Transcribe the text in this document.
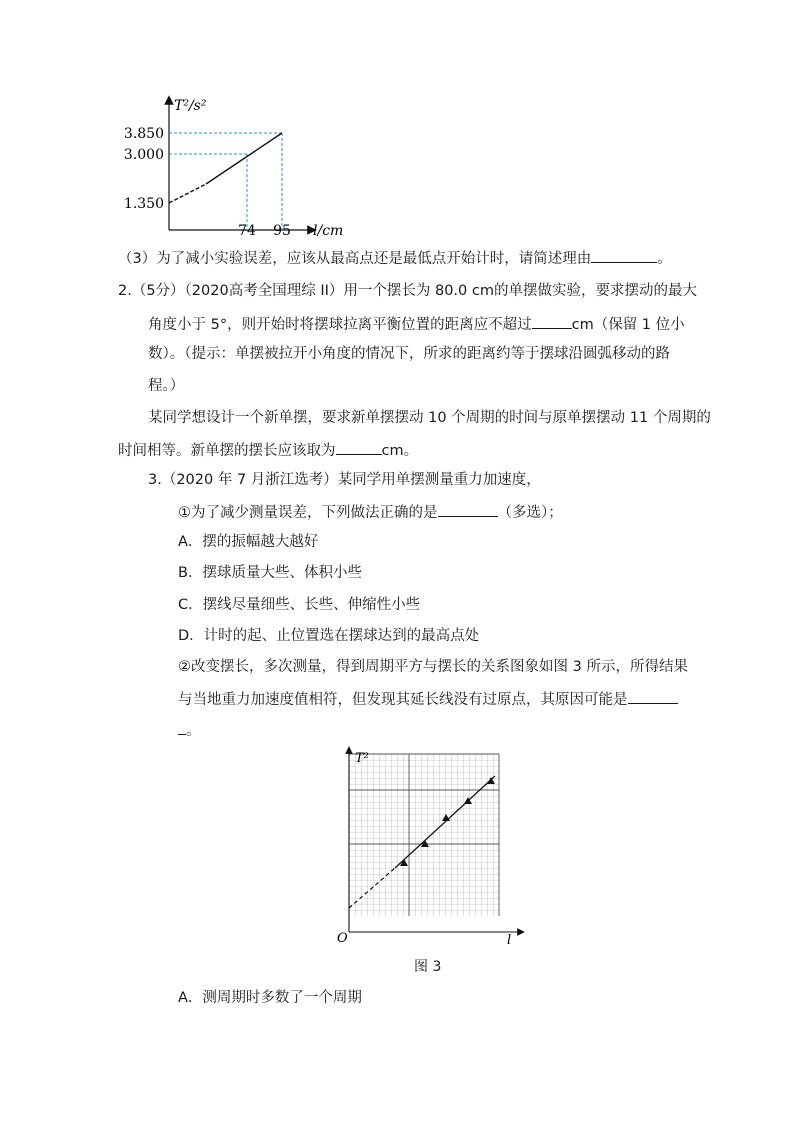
T²/s²
3.850
3.000
1.350
74 95 l/cm
（3）为了减小实验误差，应该从最高点还是最低点开始计时，请简述理由	。
2.（5分）（2020高考全国理综 II）用一个摆长为 80.0 cm的单摆做实验，要求摆动的最大
角度小于 5°，则开始时将摆球拉离平衡位置的距离应不超过	cm（保留 1 位小
数）。（提示：单摆被拉开小角度的情况下，所求的距离约等于摆球沿圆弧移动的路
程。）
某同学想设计一个新单摆，要求新单摆摆动 10 个周期的时间与原单摆摆动 11 个周期的
时间相等。新单摆的摆长应该取为	cm。
3.（2020 年 7 月浙江选考）某同学用单摆测量重力加速度，
①为了减少测量误差，下列做法正确的是	（多选）；
A．摆的振幅越大越好
B．摆球质量大些、体积小些
C．摆线尽量细些、长些、伸缩性小些
D．计时的起、止位置选在摆球达到的最高点处
②改变摆长，多次测量，得到周期平方与摆长的关系图象如图 3 所示，所得结果
与当地重力加速度值相符，但发现其延长线没有过原点，其原因可能是
。
T²
O	l
图 3
A．测周期时多数了一个周期
